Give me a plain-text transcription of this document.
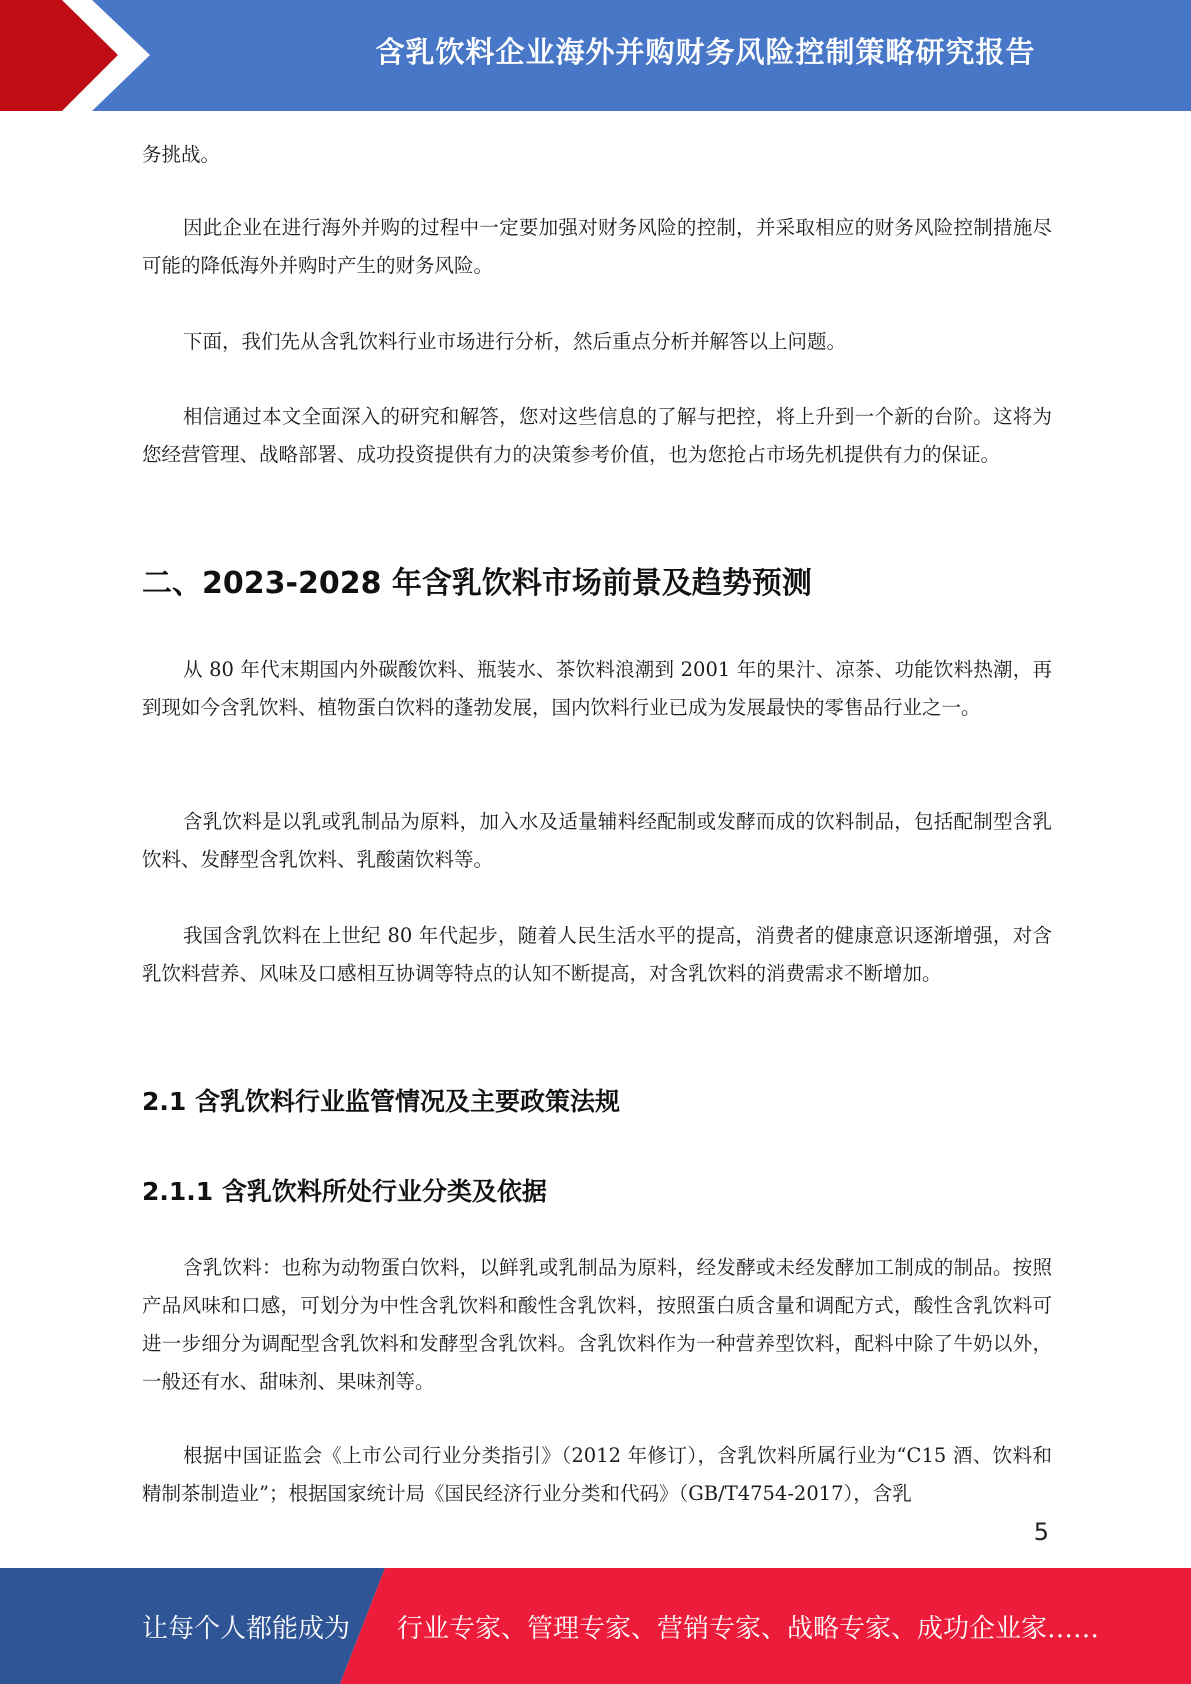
含乳饮料企业海外并购财务风险控制策略研究报告

务挑战。

因此企业在进行海外并购的过程中一定要加强对财务风险的控制，并采取相应的财务风险控制措施尽可能的降低海外并购时产生的财务风险。

下面，我们先从含乳饮料行业市场进行分析，然后重点分析并解答以上问题。

相信通过本文全面深入的研究和解答，您对这些信息的了解与把控，将上升到一个新的台阶。这将为您经营管理、战略部署、成功投资提供有力的决策参考价值，也为您抢占市场先机提供有力的保证。

二、2023-2028 年含乳饮料市场前景及趋势预测

从 80 年代末期国内外碳酸饮料、瓶装水、茶饮料浪潮到 2001 年的果汁、凉茶、功能饮料热潮，再到现如今含乳饮料、植物蛋白饮料的蓬勃发展，国内饮料行业已成为发展最快的零售品行业之一。

含乳饮料是以乳或乳制品为原料，加入水及适量辅料经配制或发酵而成的饮料制品，包括配制型含乳饮料、发酵型含乳饮料、乳酸菌饮料等。

我国含乳饮料在上世纪 80 年代起步，随着人民生活水平的提高，消费者的健康意识逐渐增强，对含乳饮料营养、风味及口感相互协调等特点的认知不断提高，对含乳饮料的消费需求不断增加。

2.1 含乳饮料行业监管情况及主要政策法规
2.1.1 含乳饮料所处行业分类及依据

含乳饮料：也称为动物蛋白饮料，以鲜乳或乳制品为原料，经发酵或未经发酵加工制成的制品。按照产品风味和口感，可划分为中性含乳饮料和酸性含乳饮料，按照蛋白质含量和调配方式，酸性含乳饮料可进一步细分为调配型含乳饮料和发酵型含乳饮料。含乳饮料作为一种营养型饮料，配料中除了牛奶以外，一般还有水、甜味剂、果味剂等。

根据中国证监会《上市公司行业分类指引》（2012 年修订），含乳饮料所属行业为“C15 酒、饮料和精制茶制造业”；根据国家统计局《国民经济行业分类和代码》（GB/T4754-2017），含乳

5
让每个人都能成为 行业专家、管理专家、营销专家、战略专家、成功企业家……
